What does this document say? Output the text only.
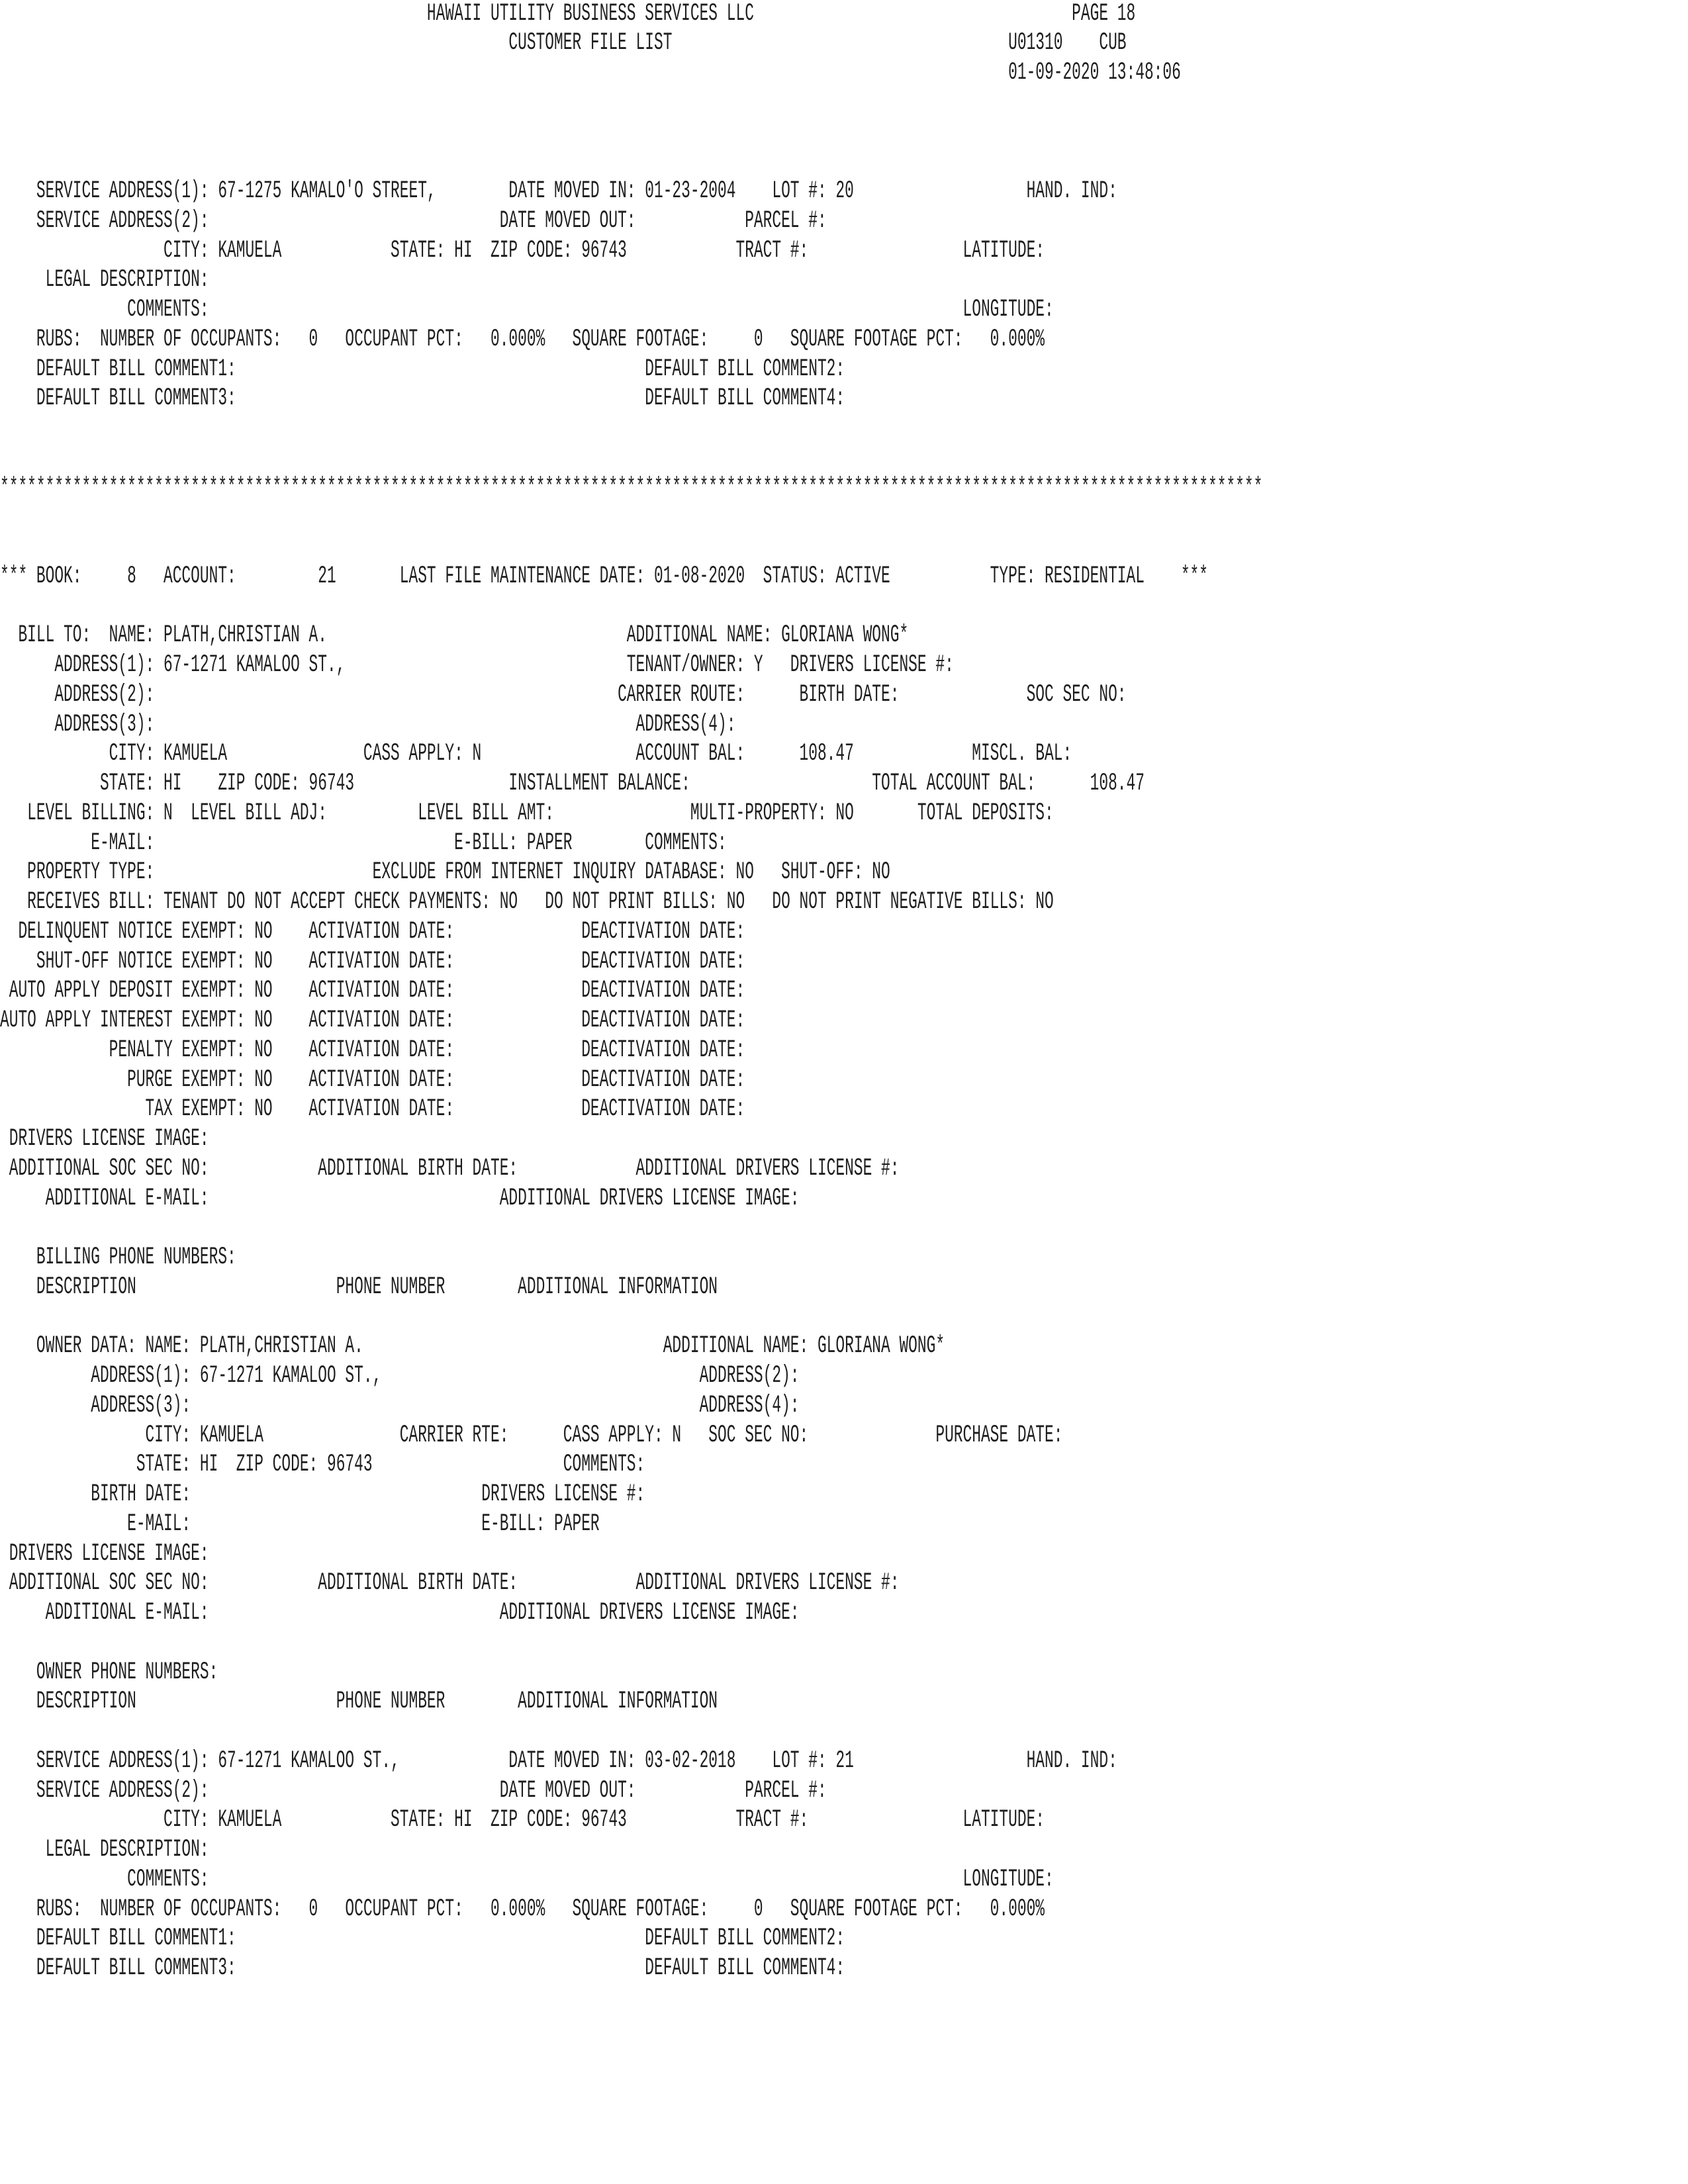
HAWAII UTILITY BUSINESS SERVICES LLC                                   PAGE 18
CUSTOMER FILE LIST                                     U01310    CUB
01-09-2020 13:48:06
SERVICE ADDRESS(1): 67-1275 KAMALO'O STREET,        DATE MOVED IN: 01-23-2004    LOT #: 20                   HAND. IND:
SERVICE ADDRESS(2):                                DATE MOVED OUT:            PARCEL #:
CITY: KAMUELA            STATE: HI  ZIP CODE: 96743            TRACT #:                 LATITUDE:
LEGAL DESCRIPTION:
COMMENTS:                                                                                   LONGITUDE:
RUBS:  NUMBER OF OCCUPANTS:   0   OCCUPANT PCT:   0.000%   SQUARE FOOTAGE:     0   SQUARE FOOTAGE PCT:   0.000%
DEFAULT BILL COMMENT1:                                             DEFAULT BILL COMMENT2:
DEFAULT BILL COMMENT3:                                             DEFAULT BILL COMMENT4:
*******************************************************************************************************************************************
*** BOOK:     8   ACCOUNT:         21       LAST FILE MAINTENANCE DATE: 01-08-2020  STATUS: ACTIVE           TYPE: RESIDENTIAL    ***
BILL TO:  NAME: PLATH,CHRISTIAN A.                                 ADDITIONAL NAME: GLORIANA WONG*
ADDRESS(1): 67-1271 KAMALOO ST.,                               TENANT/OWNER: Y   DRIVERS LICENSE #:
ADDRESS(2):                                                   CARRIER ROUTE:      BIRTH DATE:              SOC SEC NO:
ADDRESS(3):                                                     ADDRESS(4):
CITY: KAMUELA               CASS APPLY: N                 ACCOUNT BAL:      108.47             MISCL. BAL:
STATE: HI    ZIP CODE: 96743                 INSTALLMENT BALANCE:                    TOTAL ACCOUNT BAL:      108.47
LEVEL BILLING: N  LEVEL BILL ADJ:          LEVEL BILL AMT:               MULTI-PROPERTY: NO       TOTAL DEPOSITS:
E-MAIL:                                 E-BILL: PAPER        COMMENTS:
PROPERTY TYPE:                        EXCLUDE FROM INTERNET INQUIRY DATABASE: NO   SHUT-OFF: NO
RECEIVES BILL: TENANT DO NOT ACCEPT CHECK PAYMENTS: NO   DO NOT PRINT BILLS: NO   DO NOT PRINT NEGATIVE BILLS: NO
DELINQUENT NOTICE EXEMPT: NO    ACTIVATION DATE:              DEACTIVATION DATE:
SHUT-OFF NOTICE EXEMPT: NO    ACTIVATION DATE:              DEACTIVATION DATE:
AUTO APPLY DEPOSIT EXEMPT: NO    ACTIVATION DATE:              DEACTIVATION DATE:
AUTO APPLY INTEREST EXEMPT: NO    ACTIVATION DATE:              DEACTIVATION DATE:
PENALTY EXEMPT: NO    ACTIVATION DATE:              DEACTIVATION DATE:
PURGE EXEMPT: NO    ACTIVATION DATE:              DEACTIVATION DATE:
TAX EXEMPT: NO    ACTIVATION DATE:              DEACTIVATION DATE:
DRIVERS LICENSE IMAGE:
ADDITIONAL SOC SEC NO:            ADDITIONAL BIRTH DATE:             ADDITIONAL DRIVERS LICENSE #:
ADDITIONAL E-MAIL:                                ADDITIONAL DRIVERS LICENSE IMAGE:
BILLING PHONE NUMBERS:
DESCRIPTION                      PHONE NUMBER        ADDITIONAL INFORMATION
OWNER DATA: NAME: PLATH,CHRISTIAN A.                                 ADDITIONAL NAME: GLORIANA WONG*
ADDRESS(1): 67-1271 KAMALOO ST.,                                   ADDRESS(2):
ADDRESS(3):                                                        ADDRESS(4):
CITY: KAMUELA               CARRIER RTE:      CASS APPLY: N   SOC SEC NO:              PURCHASE DATE:
STATE: HI  ZIP CODE: 96743                     COMMENTS:
BIRTH DATE:                                DRIVERS LICENSE #:
E-MAIL:                                E-BILL: PAPER
DRIVERS LICENSE IMAGE:
ADDITIONAL SOC SEC NO:            ADDITIONAL BIRTH DATE:             ADDITIONAL DRIVERS LICENSE #:
ADDITIONAL E-MAIL:                                ADDITIONAL DRIVERS LICENSE IMAGE:
OWNER PHONE NUMBERS:
DESCRIPTION                      PHONE NUMBER        ADDITIONAL INFORMATION
SERVICE ADDRESS(1): 67-1271 KAMALOO ST.,            DATE MOVED IN: 03-02-2018    LOT #: 21                   HAND. IND:
SERVICE ADDRESS(2):                                DATE MOVED OUT:            PARCEL #:
CITY: KAMUELA            STATE: HI  ZIP CODE: 96743            TRACT #:                 LATITUDE:
LEGAL DESCRIPTION:
COMMENTS:                                                                                   LONGITUDE:
RUBS:  NUMBER OF OCCUPANTS:   0   OCCUPANT PCT:   0.000%   SQUARE FOOTAGE:     0   SQUARE FOOTAGE PCT:   0.000%
DEFAULT BILL COMMENT1:                                             DEFAULT BILL COMMENT2:
DEFAULT BILL COMMENT3:                                             DEFAULT BILL COMMENT4:
